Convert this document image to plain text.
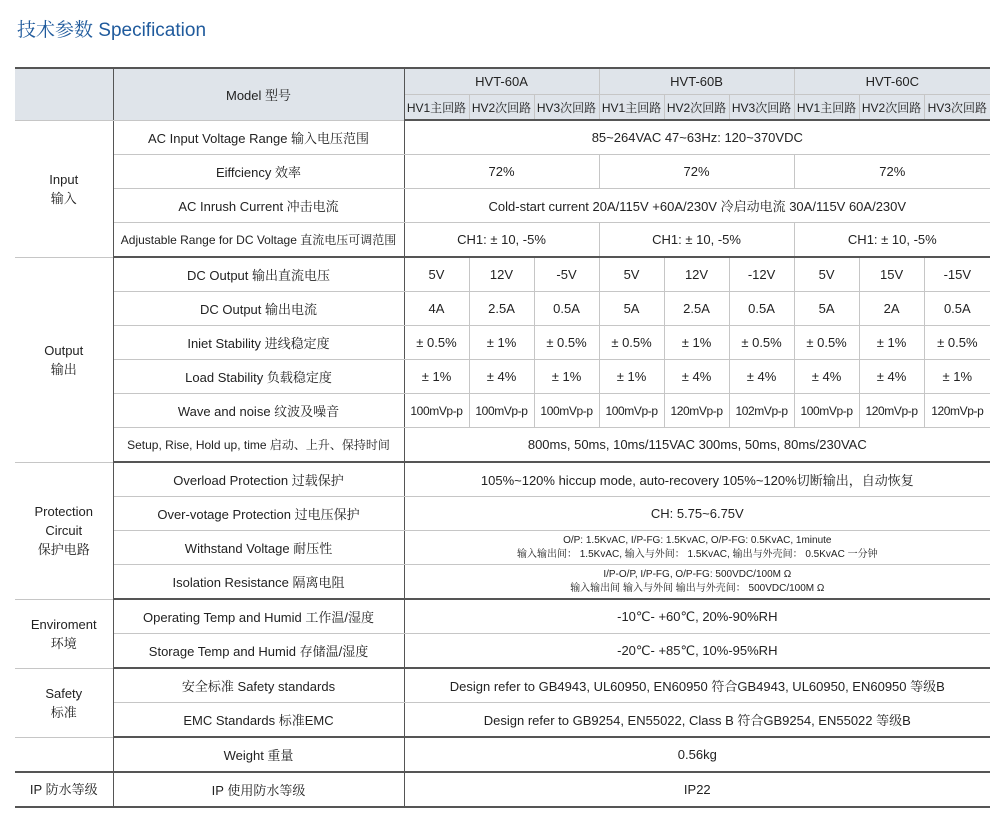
技术参数 Specification
	Model 型号	HVT-60A			HVT-60B			HVT-60C		
		HV1主回路	HV2次回路	HV3次回路	HV1主回路	HV2次回路	HV3次回路	HV1主回路	HV2次回路	HV3次回路
Input
输入	AC Input Voltage Range 输入电压范围	85~264VAC 47~63Hz: 120~370VDC								
	Eiffciency 效率	72%			72%			72%		
	AC Inrush Current 冲击电流	Cold-start current 20A/115V +60A/230V 冷启动电流 30A/115V 60A/230V								
	Adjustable Range for DC Voltage 直流电压可调范围	CH1: ± 10, -5%			CH1: ± 10, -5%			CH1: ± 10, -5%		
Output
输出	DC Output 输出直流电压	5V	12V	-5V	5V	12V	-12V	5V	15V	-15V
	DC Output 输出电流	4A	2.5A	0.5A	5A	2.5A	0.5A	5A	2A	0.5A
	Iniet Stability 进线稳定度	± 0.5%	± 1%	± 0.5%	± 0.5%	± 1%	± 0.5%	± 0.5%	± 1%	± 0.5%
	Load Stability 负载稳定度	± 1%	± 4%	± 1%	± 1%	± 4%	± 4%	± 4%	± 4%	± 1%
	Wave and noise 纹波及噪音	100mVp-p	100mVp-p	100mVp-p	100mVp-p	120mVp-p	102mVp-p	100mVp-p	120mVp-p	120mVp-p
	Setup, Rise, Hold up, time 启动、上升、保持时间	800ms, 50ms, 10ms/115VAC 300ms, 50ms, 80ms/230VAC								
Protection
Circuit
保护电路	Overload Protection 过载保护	105%~120% hiccup mode, auto-recovery 105%~120%切断输出，自动恢复								
	Over-votage Protection 过电压保护	CH: 5.75~6.75V								
	Withstand Voltage 耐压性	O/P: 1.5KvAC, I/P-FG: 1.5KvAC, O/P-FG: 0.5KvAC, 1minute
输入输出间： 1.5KvAC, 输入与外间： 1.5KvAC, 输出与外壳间： 0.5KvAC 一分钟								

	Isolation Resistance 隔离电阻	I/P-O/P, I/P-FG, O/P-FG: 500VDC/100M Ω
输入输出间 输入与外间 输出与外壳间： 500VDC/100M Ω								

Enviroment
环境	Operating Temp and Humid 工作温/湿度	-10℃- +60℃, 20%-90%RH								
	Storage Temp and Humid 存储温/湿度	-20℃- +85℃, 10%-95%RH								
Safety
标准	安全标准 Safety standards	Design refer to GB4943, UL60950, EN60950 符合GB4943, UL60950, EN60950 等级B								
	EMC Standards 标准EMC	Design refer to GB9254, EN55022, Class B 符合GB9254, EN55022 等级B								
	Weight 重量	0.56kg								
IP 防水等级	IP 使用防水等级	IP22								
